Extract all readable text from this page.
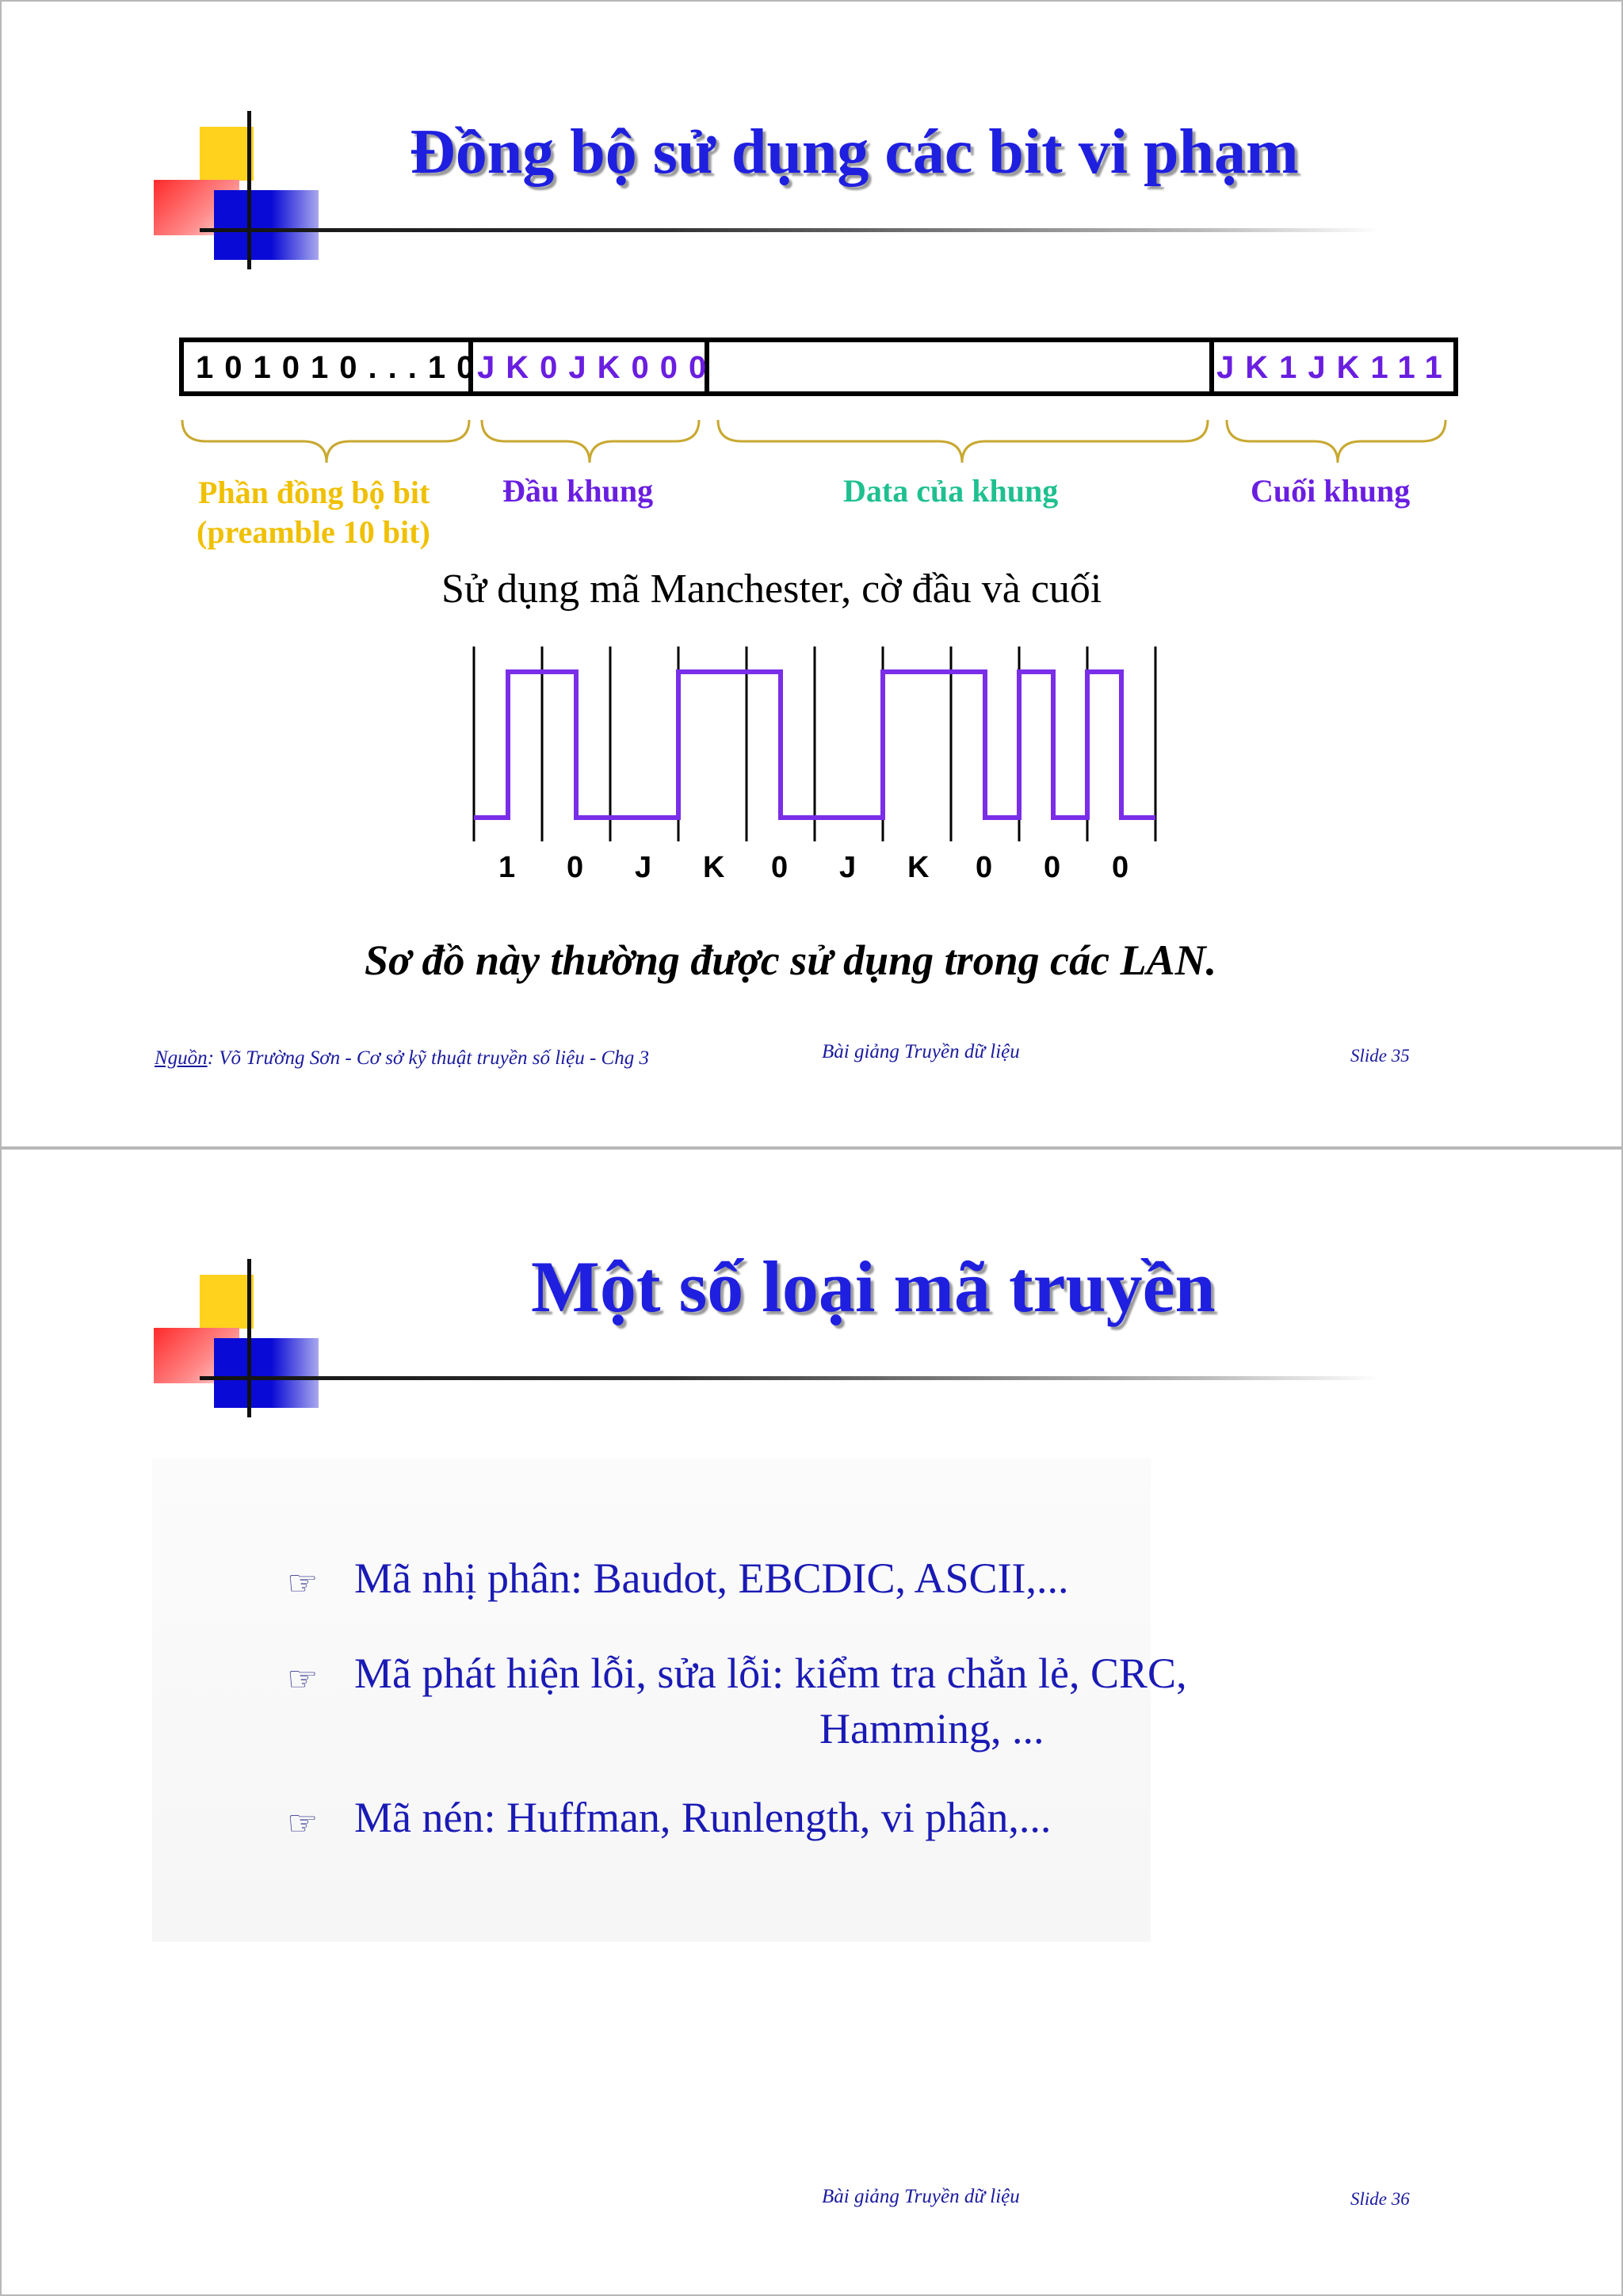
Đồng bộ sử dụng các bit vi phạm
101010...10
JK0JK000	JK1JK111
Phần đồng bộ bit
(preamble 10 bit)
Đầu khung	Data của khung	Cuối khung
Sử dụng mã Manchester, cờ đầu và cuối
1 0 J K 0 J K 0 0 0
Sơ đồ này thường được sử dụng trong các LAN.
Nguồn: Võ Trường Sơn - Cơ sở kỹ thuật truyền số liệu - Chg 3	Bài giảng Truyền dữ liệu	Slide 35
Một số loại mã truyền
☞ Mã nhị phân: Baudot, EBCDIC, ASCII,...
☞ Mã phát hiện lỗi, sửa lỗi: kiểm tra chẳn lẻ, CRC,
Hamming, ...
☞ Mã nén: Huffman, Runlength, vi phân,...
Bài giảng Truyền dữ liệu	Slide 36
